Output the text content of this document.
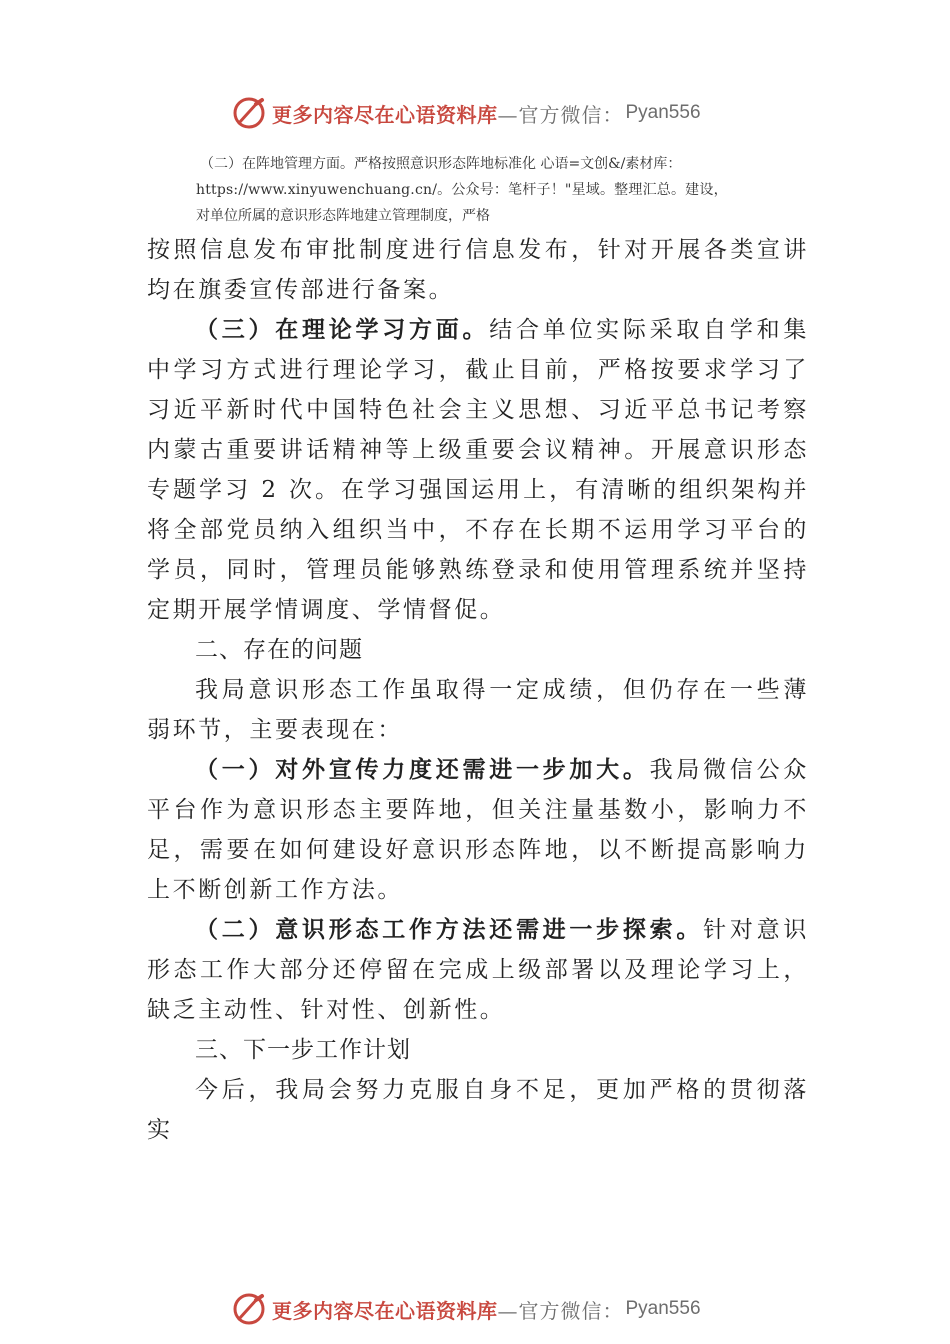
更多内容尽在心语资料库 —官方微信： Pyan556
（二）在阵地管理方面。严格按照意识形态阵地标准化 心语=文创&/素材库：
https://www.xinyuwenchuang.cn/。公众号：笔杆子！"星域。整理汇总。建设，
对单位所属的意识形态阵地建立管理制度，严格

按照信息发布审批制度进行信息发布，针对开展各类宣讲均在旗委宣传部进行备案。

（三）在理论学习方面。结合单位实际采取自学和集中学习方式进行理论学习，截止目前，严格按要求学习了习近平新时代中国特色社会主义思想、习近平总书记考察内蒙古重要讲话精神等上级重要会议精神。开展意识形态专题学习 2 次。在学习强国运用上，有清晰的组织架构并将全部党员纳入组织当中，不存在长期不运用学习平台的学员，同时，管理员能够熟练登录和使用管理系统并坚持定期开展学情调度、学情督促。

二、存在的问题

我局意识形态工作虽取得一定成绩，但仍存在一些薄弱环节，主要表现在：

（一）对外宣传力度还需进一步加大。我局微信公众平台作为意识形态主要阵地，但关注量基数小，影响力不足，需要在如何建设好意识形态阵地，以不断提高影响力上不断创新工作方法。

（二）意识形态工作方法还需进一步探索。针对意识形态工作大部分还停留在完成上级部署以及理论学习上，缺乏主动性、针对性、创新性。

三、下一步工作计划

今后，我局会努力克服自身不足，更加严格的贯彻落实

更多内容尽在心语资料库 —官方微信： Pyan556
